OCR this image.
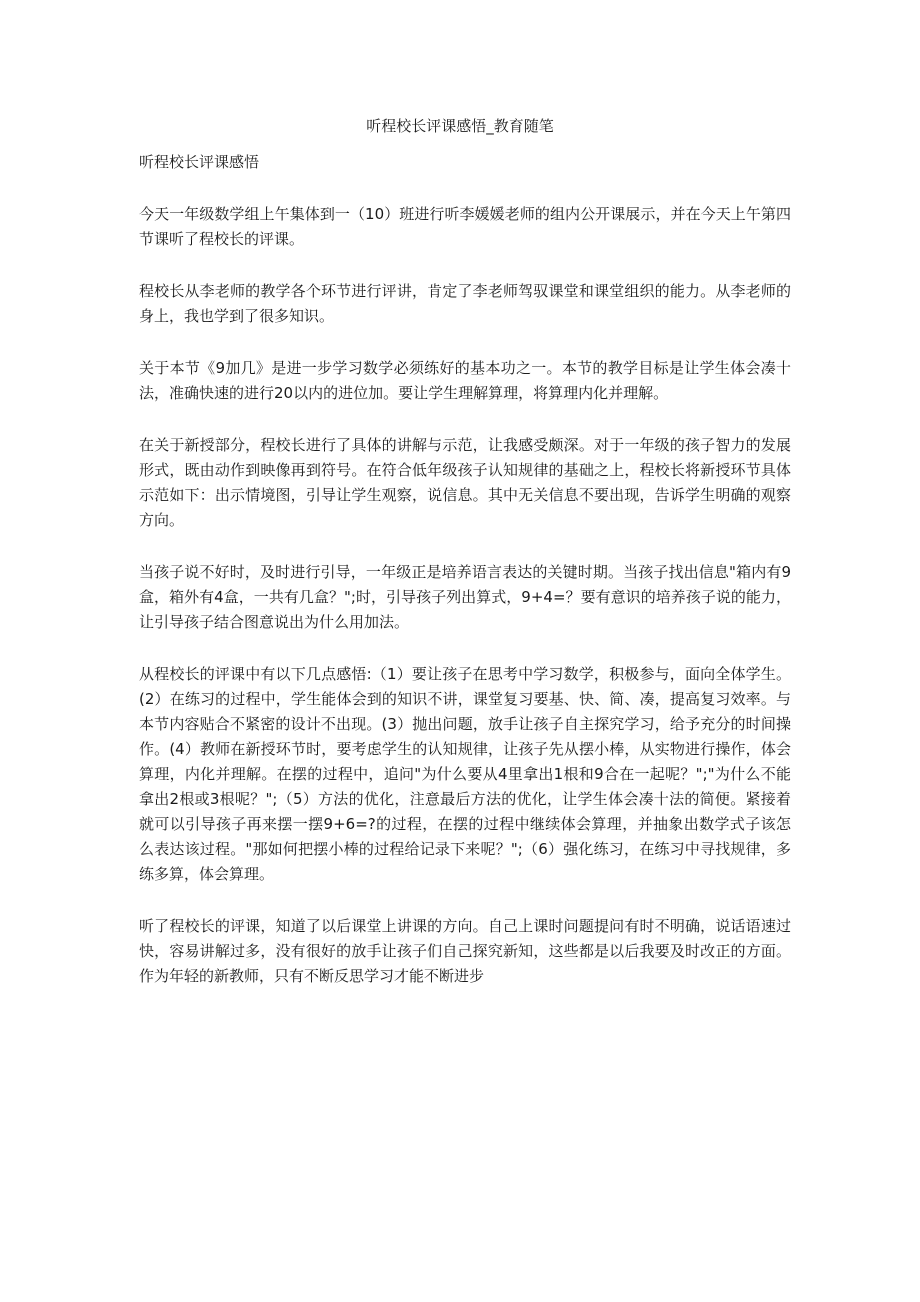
听程校长评课感悟_教育随笔
听程校长评课感悟

今天一年级数学组上午集体到一（10）班进行听李媛媛老师的组内公开课展示，并在今天上午第四节课听了程校长的评课。

程校长从李老师的教学各个环节进行评讲，肯定了李老师驾驭课堂和课堂组织的能力。从李老师的身上，我也学到了很多知识。

关于本节《9加几》是进一步学习数学必须练好的基本功之一。本节的教学目标是让学生体会凑十法，准确快速的进行20以内的进位加。要让学生理解算理，将算理内化并理解。

在关于新授部分，程校长进行了具体的讲解与示范，让我感受颇深。对于一年级的孩子智力的发展形式，既由动作到映像再到符号。在符合低年级孩子认知规律的基础之上，程校长将新授环节具体示范如下：出示情境图，引导让学生观察，说信息。其中无关信息不要出现，告诉学生明确的观察方向。

当孩子说不好时，及时进行引导，一年级正是培养语言表达的关键时期。当孩子找出信息"箱内有9盒，箱外有4盒，一共有几盒？";时，引导孩子列出算式，9+4=？要有意识的培养孩子说的能力，让引导孩子结合图意说出为什么用加法。

从程校长的评课中有以下几点感悟:（1）要让孩子在思考中学习数学，积极参与，面向全体学生。(2）在练习的过程中，学生能体会到的知识不讲，课堂复习要基、快、简、凑，提高复习效率。与本节内容贴合不紧密的设计不出现。(3）抛出问题，放手让孩子自主探究学习，给予充分的时间操作。(4）教师在新授环节时，要考虑学生的认知规律，让孩子先从摆小棒，从实物进行操作，体会算理，内化并理解。在摆的过程中，追问"为什么要从4里拿出1根和9合在一起呢？";"为什么不能拿出2根或3根呢？";（5）方法的优化，注意最后方法的优化，让学生体会凑十法的简便。紧接着就可以引导孩子再来摆一摆9+6=?的过程，在摆的过程中继续体会算理，并抽象出数学式子该怎么表达该过程。"那如何把摆小棒的过程给记录下来呢？";（6）强化练习，在练习中寻找规律，多练多算，体会算理。

听了程校长的评课，知道了以后课堂上讲课的方向。自己上课时问题提问有时不明确，说话语速过快，容易讲解过多，没有很好的放手让孩子们自己探究新知，这些都是以后我要及时改正的方面。作为年轻的新教师，只有不断反思学习才能不断进步
